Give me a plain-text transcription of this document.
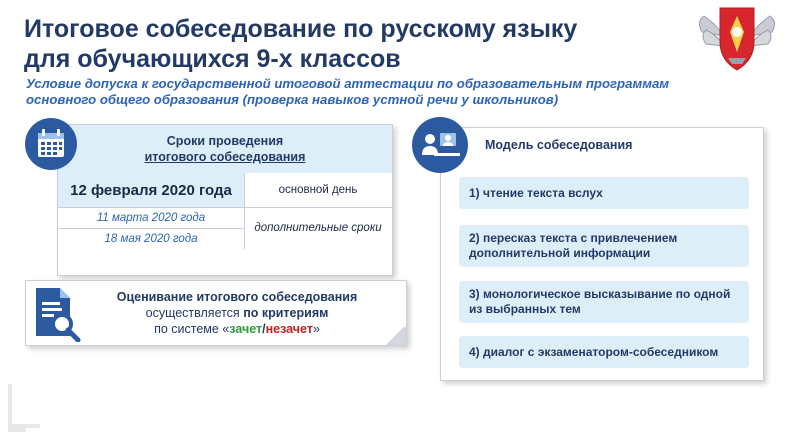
Итоговое собеседование по русскому языку
для обучающихся 9-х классов
Условие допуска к государственной итоговой аттестации по образовательным программам
основного общего образования (проверка навыков устной речи у школьников)
Сроки проведения
итогового собеседования
12 февраля 2020 года	основной день
11 марта 2020 года
18 мая 2020 года
дополнительные сроки
Оценивание итогового собеседования
осуществляется по критериям
по системе «зачет/незачет»
Модель собеседования
1) чтение текста вслух
2) пересказ текста с привлечением дополнительной информации
3) монологическое высказывание по одной из выбранных тем
4) диалог с экзаменатором-собеседником
